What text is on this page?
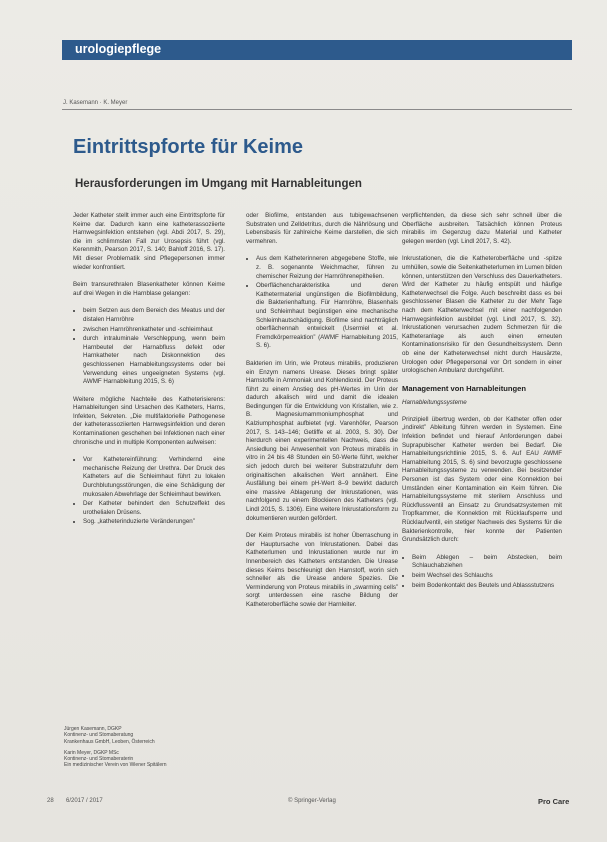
urologiepflege
J. Kasemann · K. Meyer
Eintrittspforte für Keime
Herausforderungen im Umgang mit Harnableitungen

Jeder Katheter stellt immer auch eine Eintrittspforte für Keime dar. Dadurch kann eine katheterassoziierte Harnwegsinfektion entstehen (vgl. Abdi 2017, S. 29), die im schlimmsten Fall zur Urosepsis führt (vgl. Kerenmith, Pearson 2017, S. 140; Bahloff 2016, S. 17). Mit dieser Problematik sind Pflegepersonen immer wieder konfrontiert.

Beim transurethralen Blasenkatheter können Keime auf drei Wegen in die Harnblase gelangen:

• beim Setzen aus dem Bereich des Meatus und der distalen Harnröhre
• zwischen Harnröhrenkatheter und -schleimhaut
• durch intraluminale Verschleppung, wenn beim Harnbeutel der Harnabfluss defekt oder Harnkatheter nach Diskonnektion des geschlossenen Harnableitungssystems oder bei Verwendung eines ungeeigneten Systems (vgl. AWMF Harnableitung 2015, S. 6)

Weitere mögliche Nachteile des Katheterisierens: Harnableitungen sind Ursachen des Katheters, Harns, Infekten, Sekreten. „Die multifaktorielle Pathogenese der katheterassoziierten Harnwegsinfektion und deren Kontaminationen geschehen bei Infektionen nach einer chronische und in multiple Komponenten aufweisen:

• Vor Kathetereinführung: Verhindernd eine mechanische Reizung der Urethra. Der Druck des Katheters auf die Schleimhaut führt zu lokalen Durchblutungsstörungen, die eine Schädigung der mukosalen Abwehrlage der Schleimhaut bewirken.
• Der Katheter behindert den Schutzeffekt des urothelialen Drüsens.
• Sog. „katheterinduzierte Veränderungen”

oder Biofilme, entstanden aus tubigewachsenen Substraten und Zelldetritus, durch die Nährlösung und Lebensbasis für zahlreiche Keime darstellen, die sich vermehren.

• Aus dem Katheterinneren abgegebene Stoffe, wie z. B. sogenannte Weichmacher, führen zu chemischer Reizung der Harnröhrenepithelien.
• Oberflächencharakteristika und deren Kathetermaterial ungünstigen die Biofilmbildung, die Bakterienhaftung. Für Harnröhre, Blasenhals und Schleimhaut begünstigen eine mechanische Schleimhautschädigung. Biofilme sind nachträglich oberflächennah entwickelt (Usermiel et al. Fremdkörperreaktion” (AWMF Harnableitung 2015, S. 6).

Bakterien im Urin, wie Proteus mirabilis, produzieren ein Enzym namens Urease. Dieses bringt später Harnstoffe in Ammoniak und Kohlendioxid. Der Proteus führt zu einem Anstieg des pH-Wertes im Urin der dadurch alkalisch wird und damit die idealen Bedingungen für die Entwicklung von Kristallen, wie z. B. Magnesiumammoniumphosphat und Kalziumphosphat aufbietet (vgl. Varenhöfer, Pearson 2017, S. 143–146; Getliffe et al. 2003, S. 30). Der hierdurch einen experimentellen Nachweis, dass die Ansiedlung bei Anwesenheit von Proteus mirabilis in vitro in 24 bis 48 Stunden ein 50-Werte führt, welcher sich jedoch durch bei weiterer Substratzufuhr dem originaltischen alkalischen Wert annähert. Eine Ausfällung bei einem pH-Wert 8–9 bewirkt dadurch eine massive Ablagerung der Inkrustationen, was nachfolgend zu einem Blockieren des Katheters (vgl. Lindl 2015, S. 1306). Eine weitere Inkrustationsform zu dokumentieren wurden gefördert.

Der Keim Proteus mirabilis ist hoher Überraschung in der Hauptursache von Inkrustationen. Dabei das Katheterlumen und Inkrustationen wurde nur im Innenbereich des Katheters entstanden. Die Urease dieses Keims beschleunigt den Harnstoff, worin sich schneller als die Urease andere Spezies. Die Verminderung von Proteus mirabilis in „swarming cells” sorgt unterdessen eine rasche Bildung der Katheteroberfläche sowie der Harnleiter.

verpflichtenden, da diese sich sehr schnell über die Oberfläche ausbreiten. Tatsächlich können Proteus mirabilis im Gegenzug dazu Material und Katheter gelegen werden (vgl. Lindl 2017, S. 42).

Inkrustationen, die die Katheteroberfläche und -spitze umhüllen, sowie die Seitenkatheterlumen im Lumen bilden können, unterstützen den Verschluss des Dauerkatheters. Wird der Katheter zu häufig entspült und häufige Katheterwechsel die Folge. Auch beschreibt dass es bei geschlossener Blasen die Katheter zu der Mehr Tage nach dem Katheterwechsel mit einer nachfolgenden Harnwegsinfektion ausbildet (vgl. Lindl 2017, S. 32). Inkrustationen verursachen zudem Schmerzen für die Katheteranlage als auch einen erneuten Kontaminationsrisiko für den Gesundheitssystem. Denn ob eine der Katheterwechsel nicht durch Hausärzte, Urologen oder Pflegepersonal vor Ort sondern in einer urologischen Ambulanz durchgeführt.

Management von Harnableitungen

Harnableitungssysteme

Prinzipiell übertrug werden, ob der Katheter offen oder „indirekt” Ableitung führen werden in Systemen. Eine Infektion befindet und hierauf Anforderungen dabei Suprapubischer Katheter werden bei Bedarf. Die Harnableitungsrichtlinie 2015, S. 6. Auf EAU AWMF Harnableitung 2015, S. 6) sind bevorzugte geschlossene Harnableitungssysteme zu verwenden. Bei besitzender Personen ist das System oder eine Konnektion bei Umständen einer Kontamination ein Keim führen. Die Harnableitungssysteme mit sterilem Anschluss und Rückflussventil an Einsatz zu Grundsatzsystemen mit Tropfkammer, die Konnektion mit Rücklaufsperre und Rücklaufventil, ein stetiger Nachweis des Systems für die Bakterienkontrolle, hier konnte der Patienten Grundsätzlich durch:

• Beim Ablegen – beim Abstecken, beim Schlauchabziehen
• beim Wechsel des Schlauchs
• beim Bodenkontakt des Beutels und Ablassstutzens
Jürgen Kasemann, DGKP
Kontinenz- und Stomaberatung
Krankenhaus GmbH, Leoben, Österreich
Karin Meyer, DGKP MSc
Kontinenz- und Stomaberaterin
Ein medizinischer Verein von Wiener Spitälern
28 6/2017 / 2017	© Springer-Verlag	Pro Care
